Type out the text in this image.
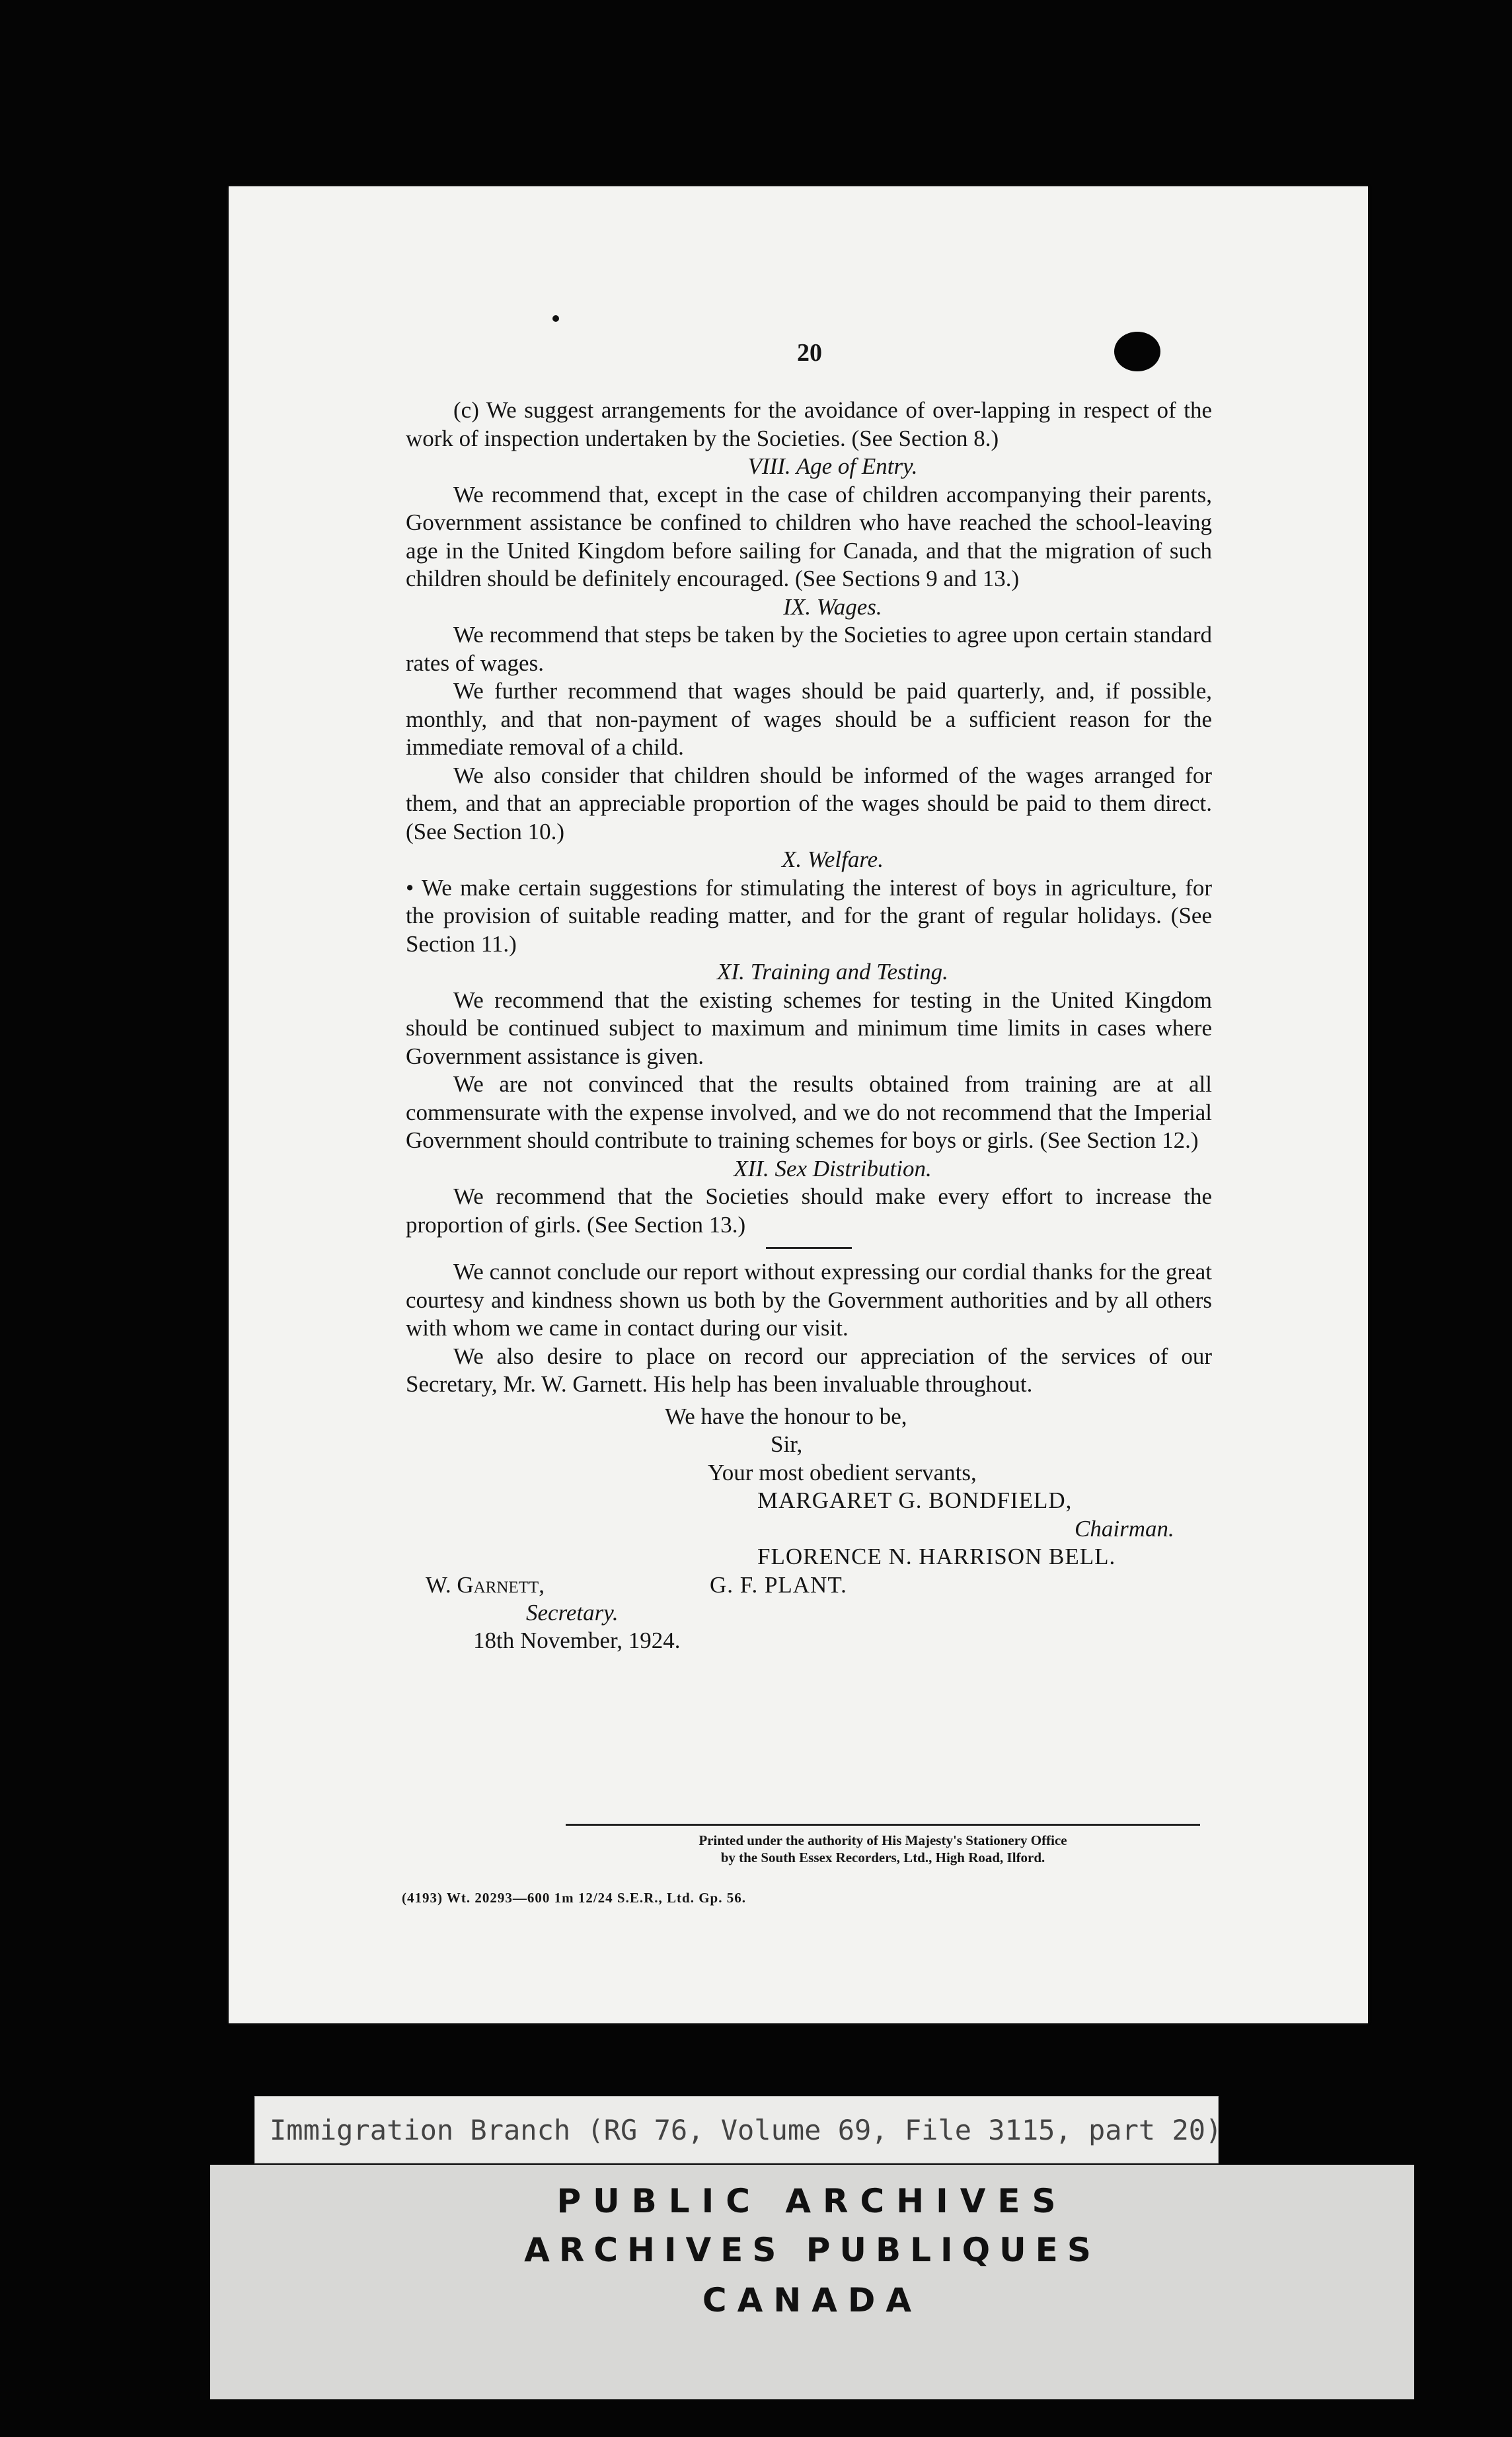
20

(c) We suggest arrangements for the avoidance of over-lapping in respect of the work of inspection undertaken by the Societies. (See Section 8.)

VIII. Age of Entry.

We recommend that, except in the case of children accompanying their parents, Government assistance be confined to children who have reached the school-leaving age in the United Kingdom before sailing for Canada, and that the migration of such children should be definitely encouraged. (See Sections 9 and 13.)

IX. Wages.

We recommend that steps be taken by the Societies to agree upon certain standard rates of wages.

We further recommend that wages should be paid quarterly, and, if possible, monthly, and that non-payment of wages should be a sufficient reason for the immediate removal of a child.

We also consider that children should be informed of the wages arranged for them, and that an appreciable proportion of the wages should be paid to them direct. (See Section 10.)

X. Welfare.

• We make certain suggestions for stimulating the interest of boys in agriculture, for the provision of suitable reading matter, and for the grant of regular holidays. (See Section 11.)

XI. Training and Testing.

We recommend that the existing schemes for testing in the United Kingdom should be continued subject to maximum and minimum time limits in cases where Government assistance is given.

We are not convinced that the results obtained from training are at all commensurate with the expense involved, and we do not recommend that the Imperial Government should contribute to training schemes for boys or girls. (See Section 12.)

XII. Sex Distribution.

We recommend that the Societies should make every effort to increase the proportion of girls. (See Section 13.)

We cannot conclude our report without expressing our cordial thanks for the great courtesy and kindness shown us both by the Government authorities and by all others with whom we came in contact during our visit.

We also desire to place on record our appreciation of the services of our Secretary, Mr. W. Garnett. His help has been invaluable throughout.

We have the honour to be,

Sir,

Your most obedient servants,

MARGARET G. BONDFIELD,

Chairman.

FLORENCE N. HARRISON BELL.

W. Garnett,	G. F. PLANT.

Secretary.

18th November, 1924.

Printed under the authority of His Majesty's Stationery Office
by the South Essex Recorders, Ltd., High Road, Ilford.
(4193) Wt. 20293—600 1m 12/24 S.E.R., Ltd. Gp. 56.
Immigration Branch (RG 76, Volume 69, File 3115, part 20)
PUBLIC ARCHIVES
ARCHIVES PUBLIQUES
CANADA
